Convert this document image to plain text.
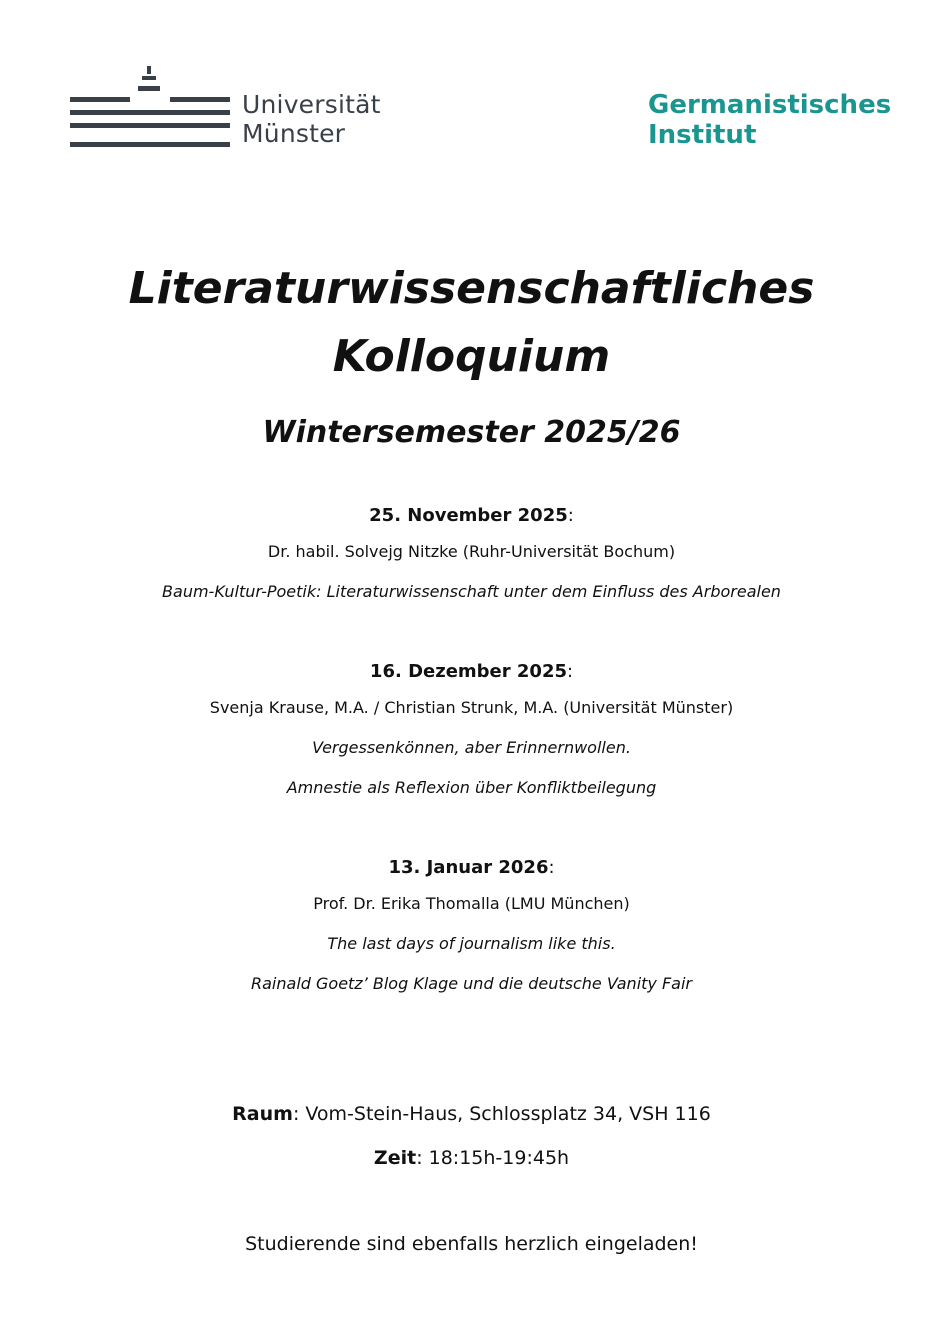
Universität
Münster
Germanistisches
Institut
Literaturwissenschaftliches
Kolloquium
Wintersemester 2025/26
25. November 2025:
Dr. habil. Solvejg Nitzke (Ruhr-Universität Bochum)
Baum-Kultur-Poetik: Literaturwissenschaft unter dem Einfluss des Arborealen
16. Dezember 2025:
Svenja Krause, M.A. / Christian Strunk, M.A. (Universität Münster)
Vergessenkönnen, aber Erinnernwollen.
Amnestie als Reflexion über Konfliktbeilegung
13. Januar 2026:
Prof. Dr. Erika Thomalla (LMU München)
The last days of journalism like this.
Rainald Goetz’ Blog Klage und die deutsche Vanity Fair
Raum: Vom-Stein-Haus, Schlossplatz 34, VSH 116
Zeit: 18:15h-19:45h
Studierende sind ebenfalls herzlich eingeladen!
